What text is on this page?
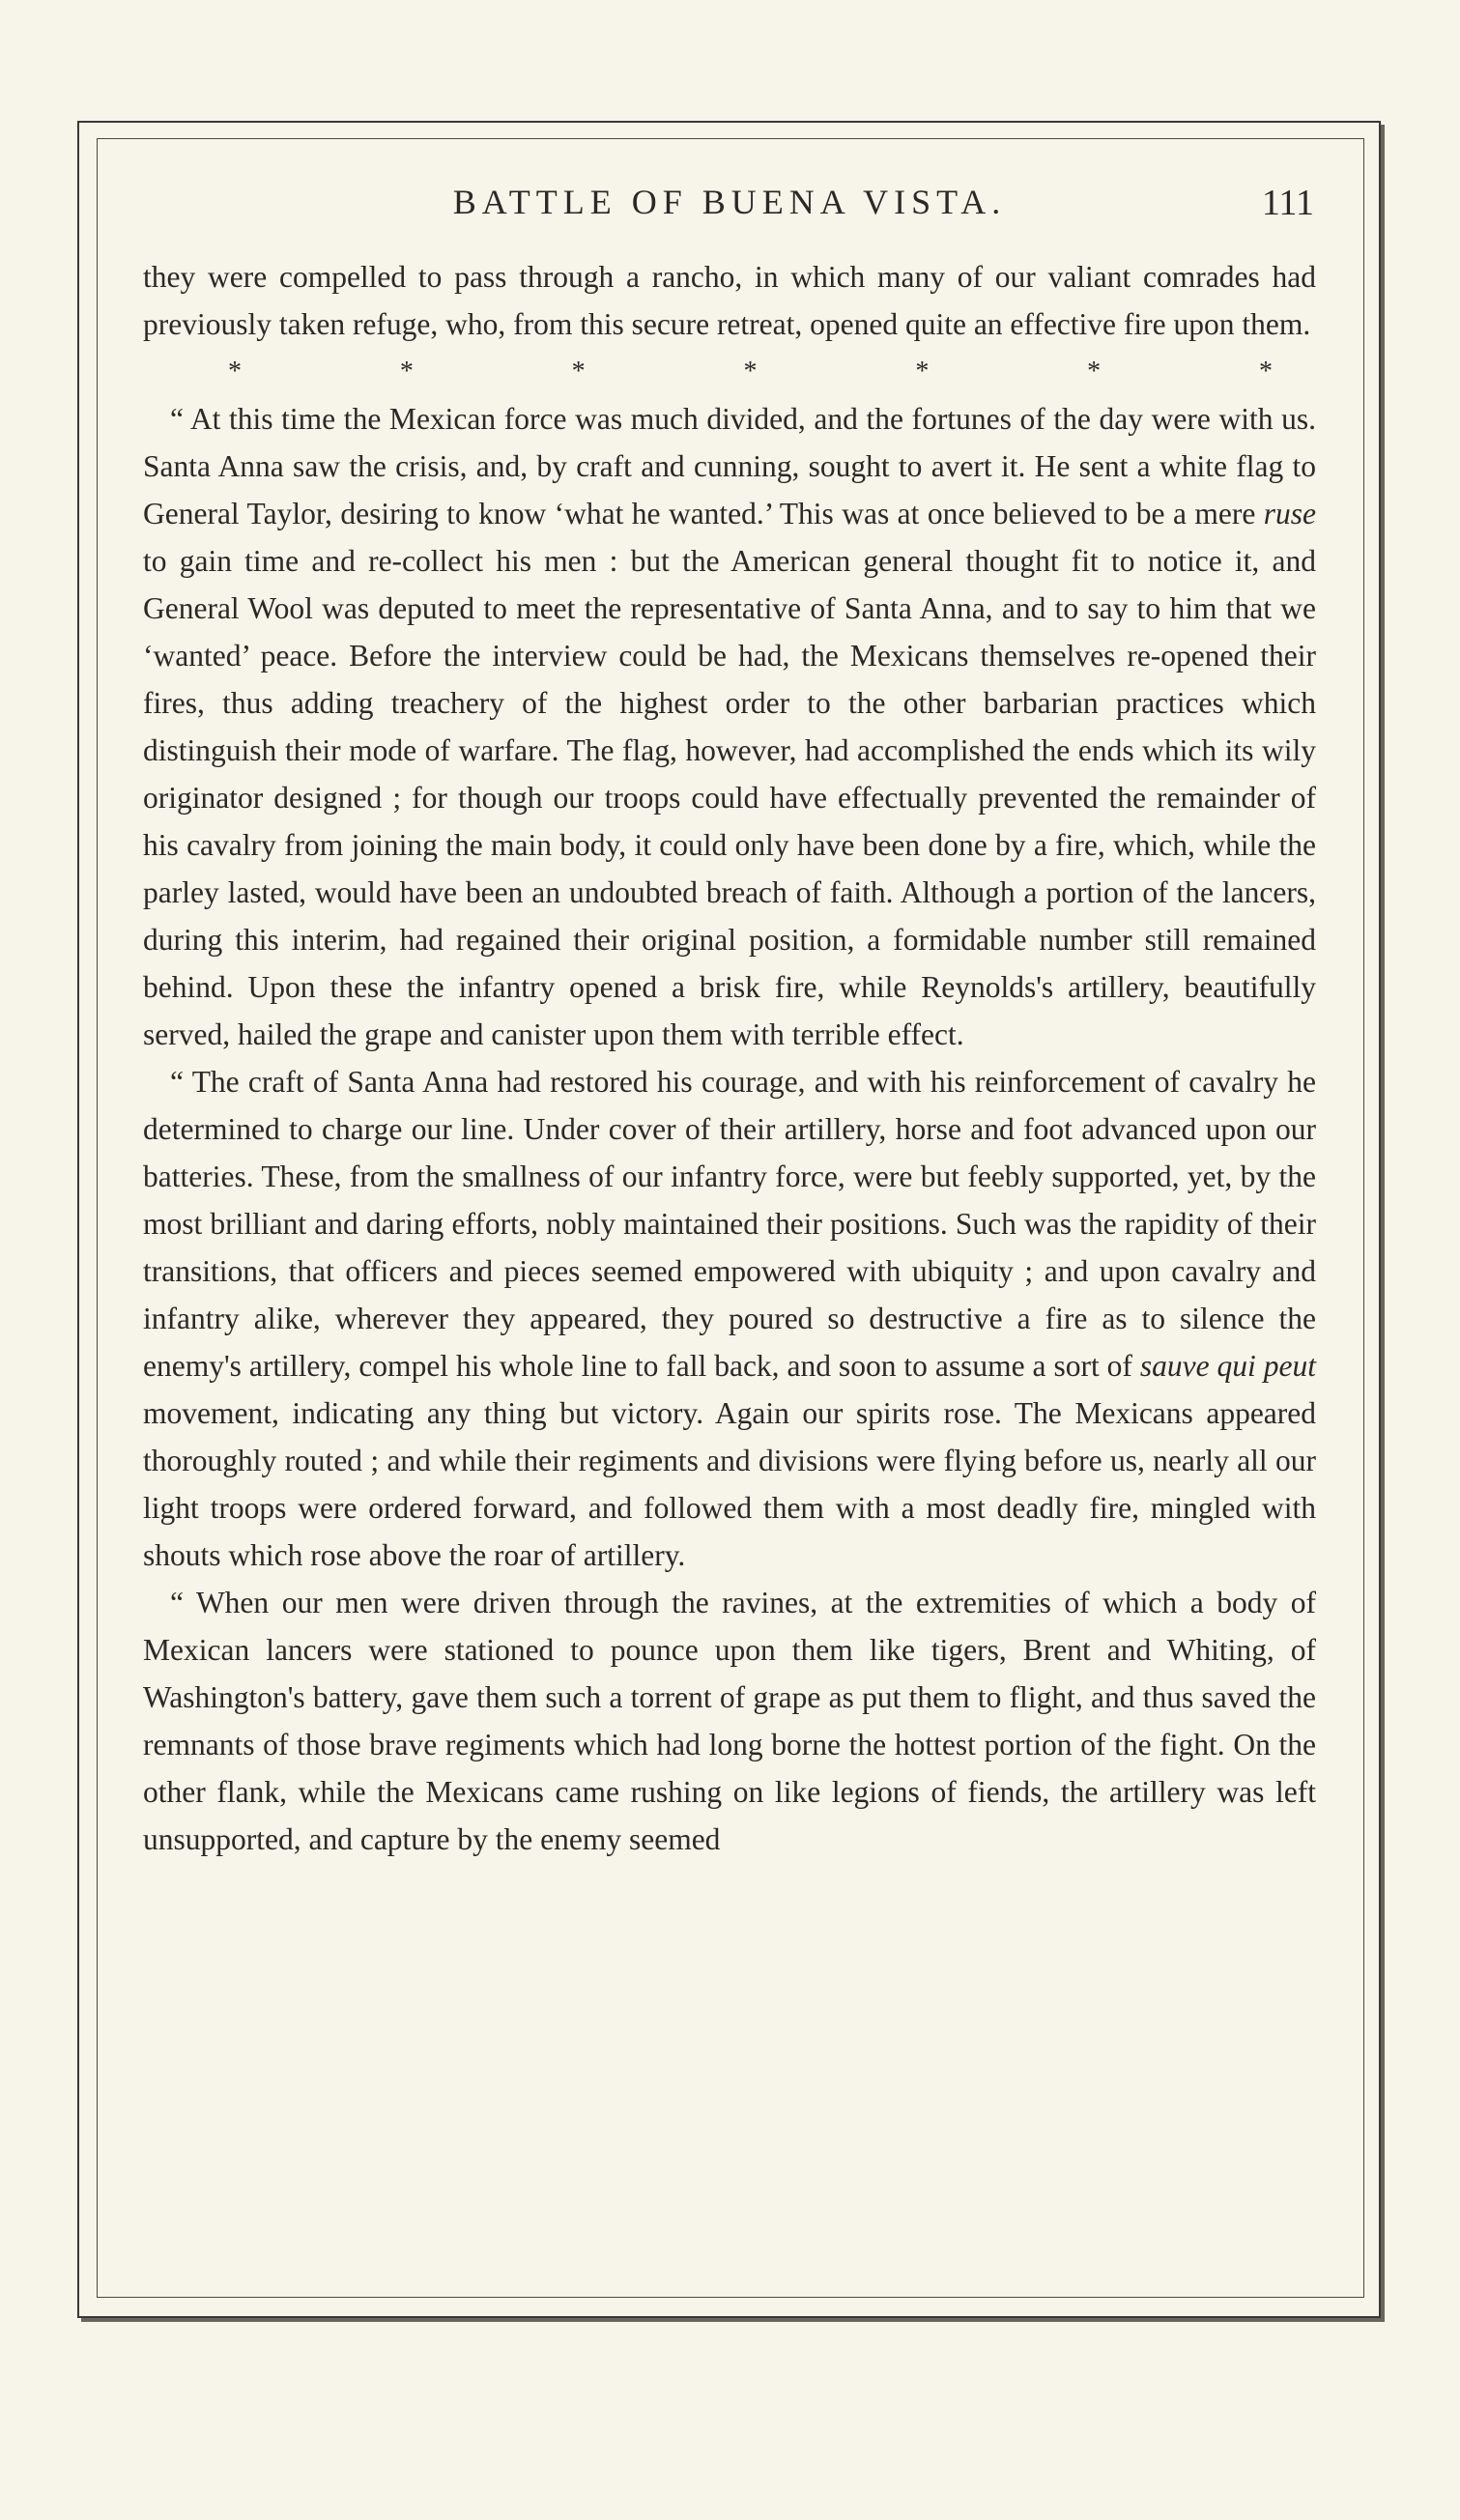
BATTLE OF BUENA VISTA.	111

they were compelled to pass through a rancho, in which many of our valiant comrades had previously taken refuge, who, from this secure retreat, opened quite an effective fire upon them.

*	*	*	*	*	*	*

“ At this time the Mexican force was much divided, and the fortunes of the day were with us. Santa Anna saw the crisis, and, by craft and cunning, sought to avert it. He sent a white flag to General Taylor, desiring to know ‘what he wanted.’ This was at once believed to be a mere ruse to gain time and re-collect his men : but the American general thought fit to notice it, and General Wool was deputed to meet the representative of Santa Anna, and to say to him that we ‘wanted’ peace. Before the interview could be had, the Mexicans themselves re-opened their fires, thus adding treachery of the highest order to the other barbarian practices which distinguish their mode of warfare. The flag, however, had accomplished the ends which its wily originator designed ; for though our troops could have effectually prevented the remainder of his cavalry from joining the main body, it could only have been done by a fire, which, while the parley lasted, would have been an undoubted breach of faith. Although a portion of the lancers, during this interim, had regained their original position, a formidable number still remained behind. Upon these the infantry opened a brisk fire, while Reynolds's artillery, beautifully served, hailed the grape and canister upon them with terrible effect.

“ The craft of Santa Anna had restored his courage, and with his reinforcement of cavalry he determined to charge our line. Under cover of their artillery, horse and foot advanced upon our batteries. These, from the smallness of our infantry force, were but feebly supported, yet, by the most brilliant and daring efforts, nobly maintained their positions. Such was the rapidity of their transitions, that officers and pieces seemed empowered with ubiquity ; and upon cavalry and infantry alike, wherever they appeared, they poured so destructive a fire as to silence the enemy's artillery, compel his whole line to fall back, and soon to assume a sort of sauve qui peut movement, indicating any thing but victory. Again our spirits rose. The Mexicans appeared thoroughly routed ; and while their regiments and divisions were flying before us, nearly all our light troops were ordered forward, and followed them with a most deadly fire, mingled with shouts which rose above the roar of artillery.

“ When our men were driven through the ravines, at the extremities of which a body of Mexican lancers were stationed to pounce upon them like tigers, Brent and Whiting, of Washington's battery, gave them such a torrent of grape as put them to flight, and thus saved the remnants of those brave regiments which had long borne the hottest portion of the fight. On the other flank, while the Mexicans came rushing on like legions of fiends, the artillery was left unsupported, and capture by the enemy seemed
